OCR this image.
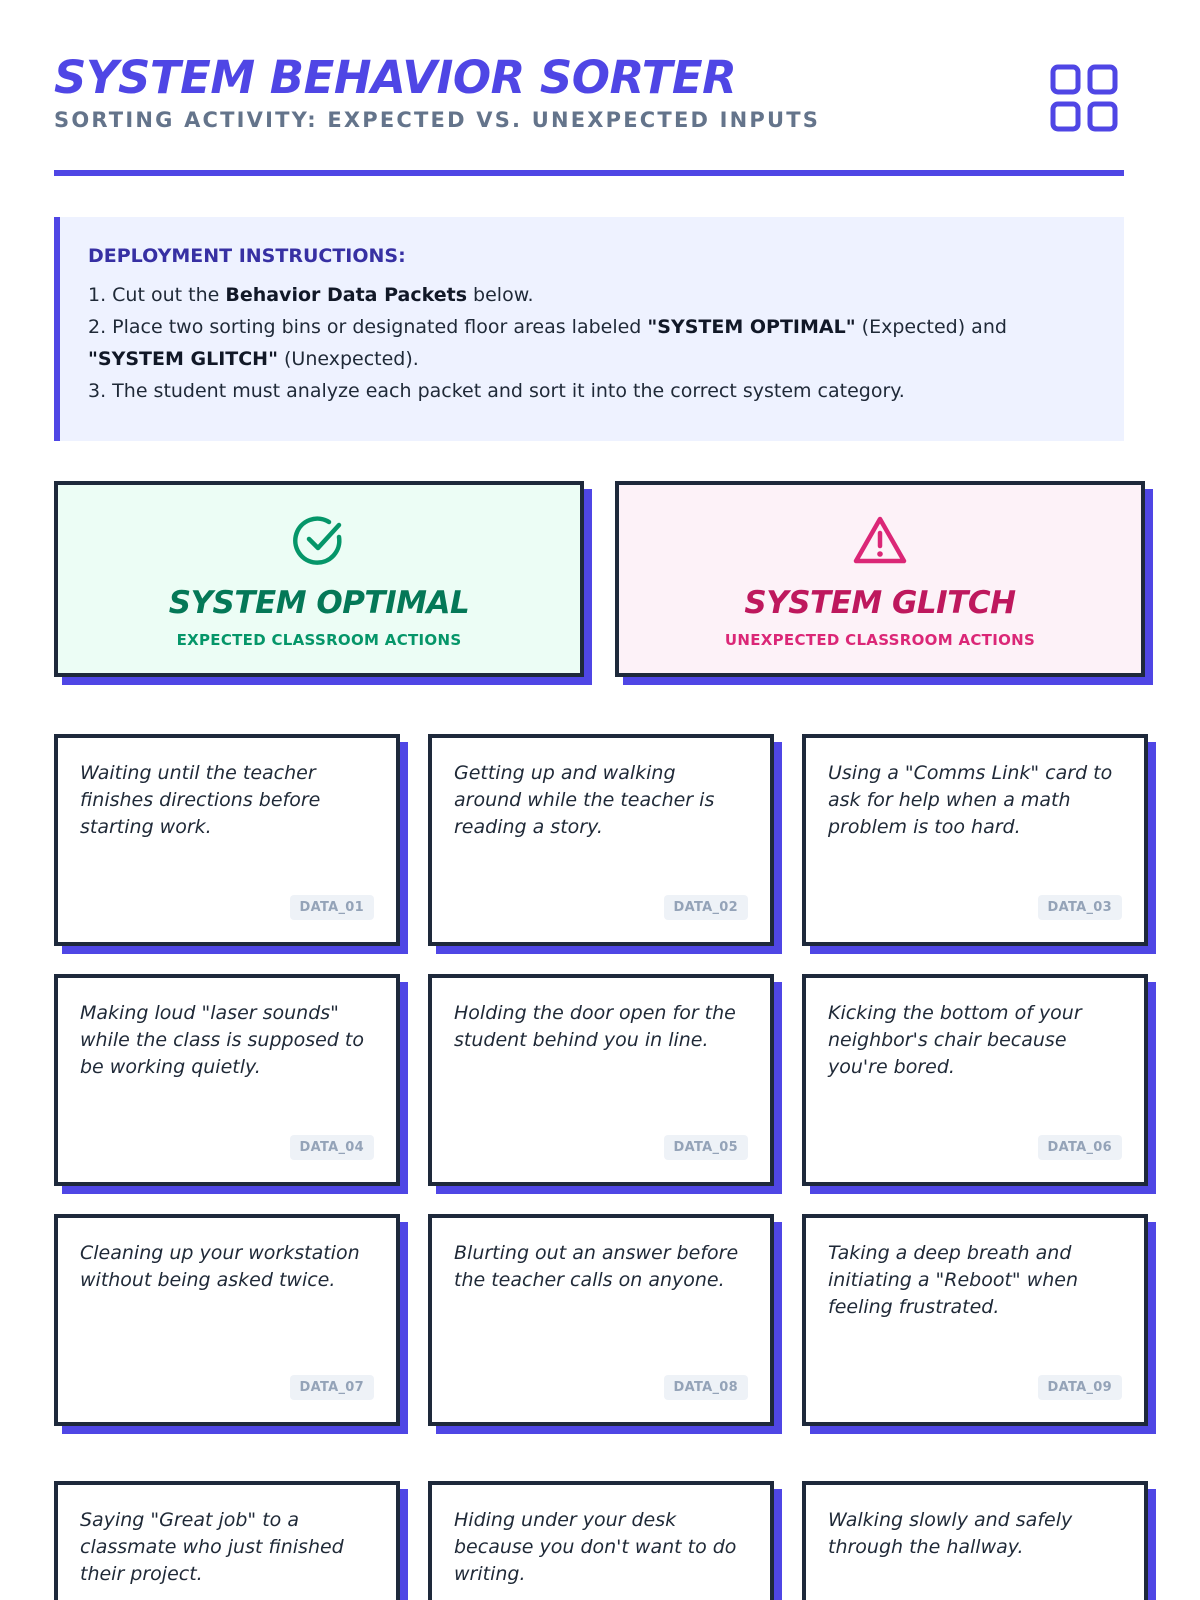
SYSTEM BEHAVIOR SORTER
SORTING ACTIVITY: EXPECTED VS. UNEXPECTED INPUTS
DEPLOYMENT INSTRUCTIONS:
1. Cut out the Behavior Data Packets below.
2. Place two sorting bins or designated floor areas labeled "SYSTEM OPTIMAL" (Expected) and "SYSTEM GLITCH" (Unexpected).
3. The student must analyze each packet and sort it into the correct system category.
SYSTEM OPTIMAL
EXPECTED CLASSROOM ACTIONS
SYSTEM GLITCH
UNEXPECTED CLASSROOM ACTIONS
Waiting until the teacher finishes directions before starting work.
DATA_01
Getting up and walking around while the teacher is reading a story.
DATA_02
Using a "Comms Link" card to ask for help when a math problem is too hard.
DATA_03
Making loud "laser sounds" while the class is supposed to be working quietly.
DATA_04
Holding the door open for the student behind you in line.
DATA_05
Kicking the bottom of your neighbor's chair because you're bored.
DATA_06
Cleaning up your workstation without being asked twice.
DATA_07
Blurting out an answer before the teacher calls on anyone.
DATA_08
Taking a deep breath and initiating a "Reboot" when feeling frustrated.
DATA_09
Saying "Great job" to a classmate who just finished their project.
Hiding under your desk because you don't want to do writing.
Walking slowly and safely through the hallway.
